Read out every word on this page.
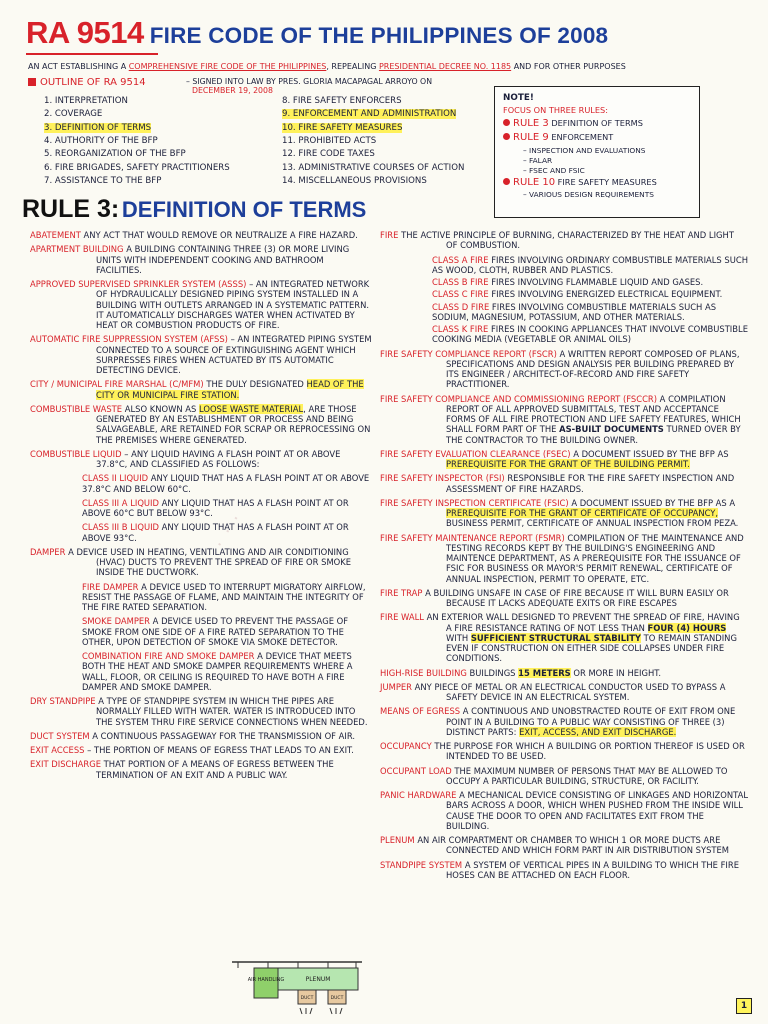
RA 9514 FIRE CODE OF THE PHILIPPINES OF 2008
AN ACT ESTABLISHING A COMPREHENSIVE FIRE CODE OF THE PHILIPPINES, REPEALING PRESIDENTIAL DECREE NO. 1185 AND FOR OTHER PURPOSES
OUTLINE OF RA 9514	– SIGNED INTO LAW BY PRES. GLORIA MACAPAGAL ARROYO ON
DECEMBER 19, 2008
1. INTERPRETATION
2. COVERAGE
3. DEFINITION OF TERMS
4. AUTHORITY OF THE BFP
5. REORGANIZATION OF THE BFP
6. FIRE BRIGADES, SAFETY PRACTITIONERS
7. ASSISTANCE TO THE BFP
8. FIRE SAFETY ENFORCERS
9. ENFORCEMENT AND ADMINISTRATION
10. FIRE SAFETY MEASURES
11. PROHIBITED ACTS
12. FIRE CODE TAXES
13. ADMINISTRATIVE COURSES OF ACTION
14. MISCELLANEOUS PROVISIONS
NOTE!
FOCUS ON THREE RULES:
RULE 3 DEFINITION OF TERMS
RULE 9 ENFORCEMENT
– INSPECTION AND EVALUATIONS
– FALAR
– FSEC AND FSIC
RULE 10 FIRE SAFETY MEASURES
– VARIOUS DESIGN REQUIREMENTS
RULE 3: DEFINITION OF TERMS
· · ·
ABATEMENT ANY ACT THAT WOULD REMOVE OR NEUTRALIZE A FIRE HAZARD.
APARTMENT BUILDING A BUILDING CONTAINING THREE (3) OR MORE LIVING UNITS WITH INDEPENDENT COOKING AND BATHROOM FACILITIES.
APPROVED SUPERVISED SPRINKLER SYSTEM (ASSS) – AN INTEGRATED NETWORK OF HYDRAULICALLY DESIGNED PIPING SYSTEM INSTALLED IN A BUILDING WITH OUTLETS ARRANGED IN A SYSTEMATIC PATTERN. IT AUTOMATICALLY DISCHARGES WATER WHEN ACTIVATED BY HEAT OR COMBUSTION PRODUCTS OF FIRE.
AUTOMATIC FIRE SUPPRESSION SYSTEM (AFSS) – AN INTEGRATED PIPING SYSTEM CONNECTED TO A SOURCE OF EXTINGUISHING AGENT WHICH SURPRESSES FIRES WHEN ACTUATED BY ITS AUTOMATIC DETECTING DEVICE.
CITY / MUNICIPAL FIRE MARSHAL (C/MFM) THE DULY DESIGNATED HEAD OF THE CITY OR MUNICIPAL FIRE STATION.
COMBUSTIBLE WASTE ALSO KNOWN AS LOOSE WASTE MATERIAL, ARE THOSE GENERATED BY AN ESTABLISHMENT OR PROCESS AND BEING SALVAGEABLE, ARE RETAINED FOR SCRAP OR REPROCESSING ON THE PREMISES WHERE GENERATED.
COMBUSTIBLE LIQUID – ANY LIQUID HAVING A FLASH POINT AT OR ABOVE 37.8°C, AND CLASSIFIED AS FOLLOWS:
CLASS II LIQUID ANY LIQUID THAT HAS A FLASH POINT AT OR ABOVE 37.8°C AND BELOW 60°C.
CLASS III A LIQUID ANY LIQUID THAT HAS A FLASH POINT AT OR ABOVE 60°C BUT BELOW 93°C.
CLASS III B LIQUID ANY LIQUID THAT HAS A FLASH POINT AT OR ABOVE 93°C.
DAMPER A DEVICE USED IN HEATING, VENTILATING AND AIR CONDITIONING (HVAC) DUCTS TO PREVENT THE SPREAD OF FIRE OR SMOKE INSIDE THE DUCTWORK.
FIRE DAMPER A DEVICE USED TO INTERRUPT MIGRATORY AIRFLOW, RESIST THE PASSAGE OF FLAME, AND MAINTAIN THE INTEGRITY OF THE FIRE RATED SEPARATION.
SMOKE DAMPER A DEVICE USED TO PREVENT THE PASSAGE OF SMOKE FROM ONE SIDE OF A FIRE RATED SEPARATION TO THE OTHER, UPON DETECTION OF SMOKE VIA SMOKE DETECTOR.
COMBINATION FIRE AND SMOKE DAMPER A DEVICE THAT MEETS BOTH THE HEAT AND SMOKE DAMPER REQUIREMENTS WHERE A WALL, FLOOR, OR CEILING IS REQUIRED TO HAVE BOTH A FIRE DAMPER AND SMOKE DAMPER.
DRY STANDPIPE A TYPE OF STANDPIPE SYSTEM IN WHICH THE PIPES ARE NORMALLY FILLED WITH WATER. WATER IS INTRODUCED INTO THE SYSTEM THRU FIRE SERVICE CONNECTIONS WHEN NEEDED.
DUCT SYSTEM A CONTINUOUS PASSAGEWAY FOR THE TRANSMISSION OF AIR.
EXIT ACCESS – THE PORTION OF MEANS OF EGRESS THAT LEADS TO AN EXIT.
EXIT DISCHARGE THAT PORTION OF A MEANS OF EGRESS BETWEEN THE TERMINATION OF AN EXIT AND A PUBLIC WAY.
FIRE THE ACTIVE PRINCIPLE OF BURNING, CHARACTERIZED BY THE HEAT AND LIGHT OF COMBUSTION.
CLASS A FIRE FIRES INVOLVING ORDINARY COMBUSTIBLE MATERIALS SUCH AS WOOD, CLOTH, RUBBER AND PLASTICS.
CLASS B FIRE FIRES INVOLVING FLAMMABLE LIQUID AND GASES.
CLASS C FIRE FIRES INVOLVING ENERGIZED ELECTRICAL EQUIPMENT.
CLASS D FIRE FIRES INVOLVING COMBUSTIBLE MATERIALS SUCH AS SODIUM, MAGNESIUM, POTASSIUM, AND OTHER MATERIALS.
CLASS K FIRE FIRES IN COOKING APPLIANCES THAT INVOLVE COMBUSTIBLE COOKING MEDIA (VEGETABLE OR ANIMAL OILS)
FIRE SAFETY COMPLIANCE REPORT (FSCR) A WRITTEN REPORT COMPOSED OF PLANS, SPECIFICATIONS AND DESIGN ANALYSIS PER BUILDING PREPARED BY ITS ENGINEER / ARCHITECT-OF-RECORD AND FIRE SAFETY PRACTITIONER.
FIRE SAFETY COMPLIANCE AND COMMISSIONING REPORT (FSCCR) A COMPILATION REPORT OF ALL APPROVED SUBMITTALS, TEST AND ACCEPTANCE FORMS OF ALL FIRE PROTECTION AND LIFE SAFETY FEATURES, WHICH SHALL FORM PART OF THE AS-BUILT DOCUMENTS TURNED OVER BY THE CONTRACTOR TO THE BUILDING OWNER.
FIRE SAFETY EVALUATION CLEARANCE (FSEC) A DOCUMENT ISSUED BY THE BFP AS PREREQUISITE FOR THE GRANT OF THE BUILDING PERMIT.
FIRE SAFETY INSPECTOR (FSI) RESPONSIBLE FOR THE FIRE SAFETY INSPECTION AND ASSESSMENT OF FIRE HAZARDS.
FIRE SAFETY INSPECTION CERTIFICATE (FSIC) A DOCUMENT ISSUED BY THE BFP AS A PREREQUISITE FOR THE GRANT OF CERTIFICATE OF OCCUPANCY, BUSINESS PERMIT, CERTIFICATE OF ANNUAL INSPECTION FROM PEZA.
FIRE SAFETY MAINTENANCE REPORT (FSMR) COMPILATION OF THE MAINTENANCE AND TESTING RECORDS KEPT BY THE BUILDING'S ENGINEERING AND MAINTENCE DEPARTMENT, AS A PREREQUISITE FOR THE ISSUANCE OF FSIC FOR BUSINESS OR MAYOR'S PERMIT RENEWAL, CERTIFICATE OF ANNUAL INSPECTION, PERMIT TO OPERATE, ETC.
FIRE TRAP A BUILDING UNSAFE IN CASE OF FIRE BECAUSE IT WILL BURN EASILY OR BECAUSE IT LACKS ADEQUATE EXITS OR FIRE ESCAPES
FIRE WALL AN EXTERIOR WALL DESIGNED TO PREVENT THE SPREAD OF FIRE, HAVING A FIRE RESISTANCE RATING OF NOT LESS THAN FOUR (4) HOURS WITH SUFFICIENT STRUCTURAL STABILITY TO REMAIN STANDING EVEN IF CONSTRUCTION ON EITHER SIDE COLLAPSES UNDER FIRE CONDITIONS.
HIGH-RISE BUILDING BUILDINGS 15 METERS OR MORE IN HEIGHT.
JUMPER ANY PIECE OF METAL OR AN ELECTRICAL CONDUCTOR USED TO BYPASS A SAFETY DEVICE IN AN ELECTRICAL SYSTEM.
MEANS OF EGRESS A CONTINUOUS AND UNOBSTRACTED ROUTE OF EXIT FROM ONE POINT IN A BUILDING TO A PUBLIC WAY CONSISTING OF THREE (3) DISTINCT PARTS: EXIT, ACCESS, AND EXIT DISCHARGE.
OCCUPANCY THE PURPOSE FOR WHICH A BUILDING OR PORTION THEREOF IS USED OR INTENDED TO BE USED.
OCCUPANT LOAD THE MAXIMUM NUMBER OF PERSONS THAT MAY BE ALLOWED TO OCCUPY A PARTICULAR BUILDING, STRUCTURE, OR FACILITY.
PANIC HARDWARE A MECHANICAL DEVICE CONSISTING OF LINKAGES AND HORIZONTAL BARS ACROSS A DOOR, WHICH WHEN PUSHED FROM THE INSIDE WILL CAUSE THE DOOR TO OPEN AND FACILITATES EXIT FROM THE BUILDING.
PLENUM AN AIR COMPARTMENT OR CHAMBER TO WHICH 1 OR MORE DUCTS ARE CONNECTED AND WHICH FORM PART IN AIR DISTRIBUTION SYSTEM
STANDPIPE SYSTEM A SYSTEM OF VERTICAL PIPES IN A BUILDING TO WHICH THE FIRE HOSES CAN BE ATTACHED ON EACH FLOOR.
AIR HANDLING	PLENUM
DUCT	DUCT
1
